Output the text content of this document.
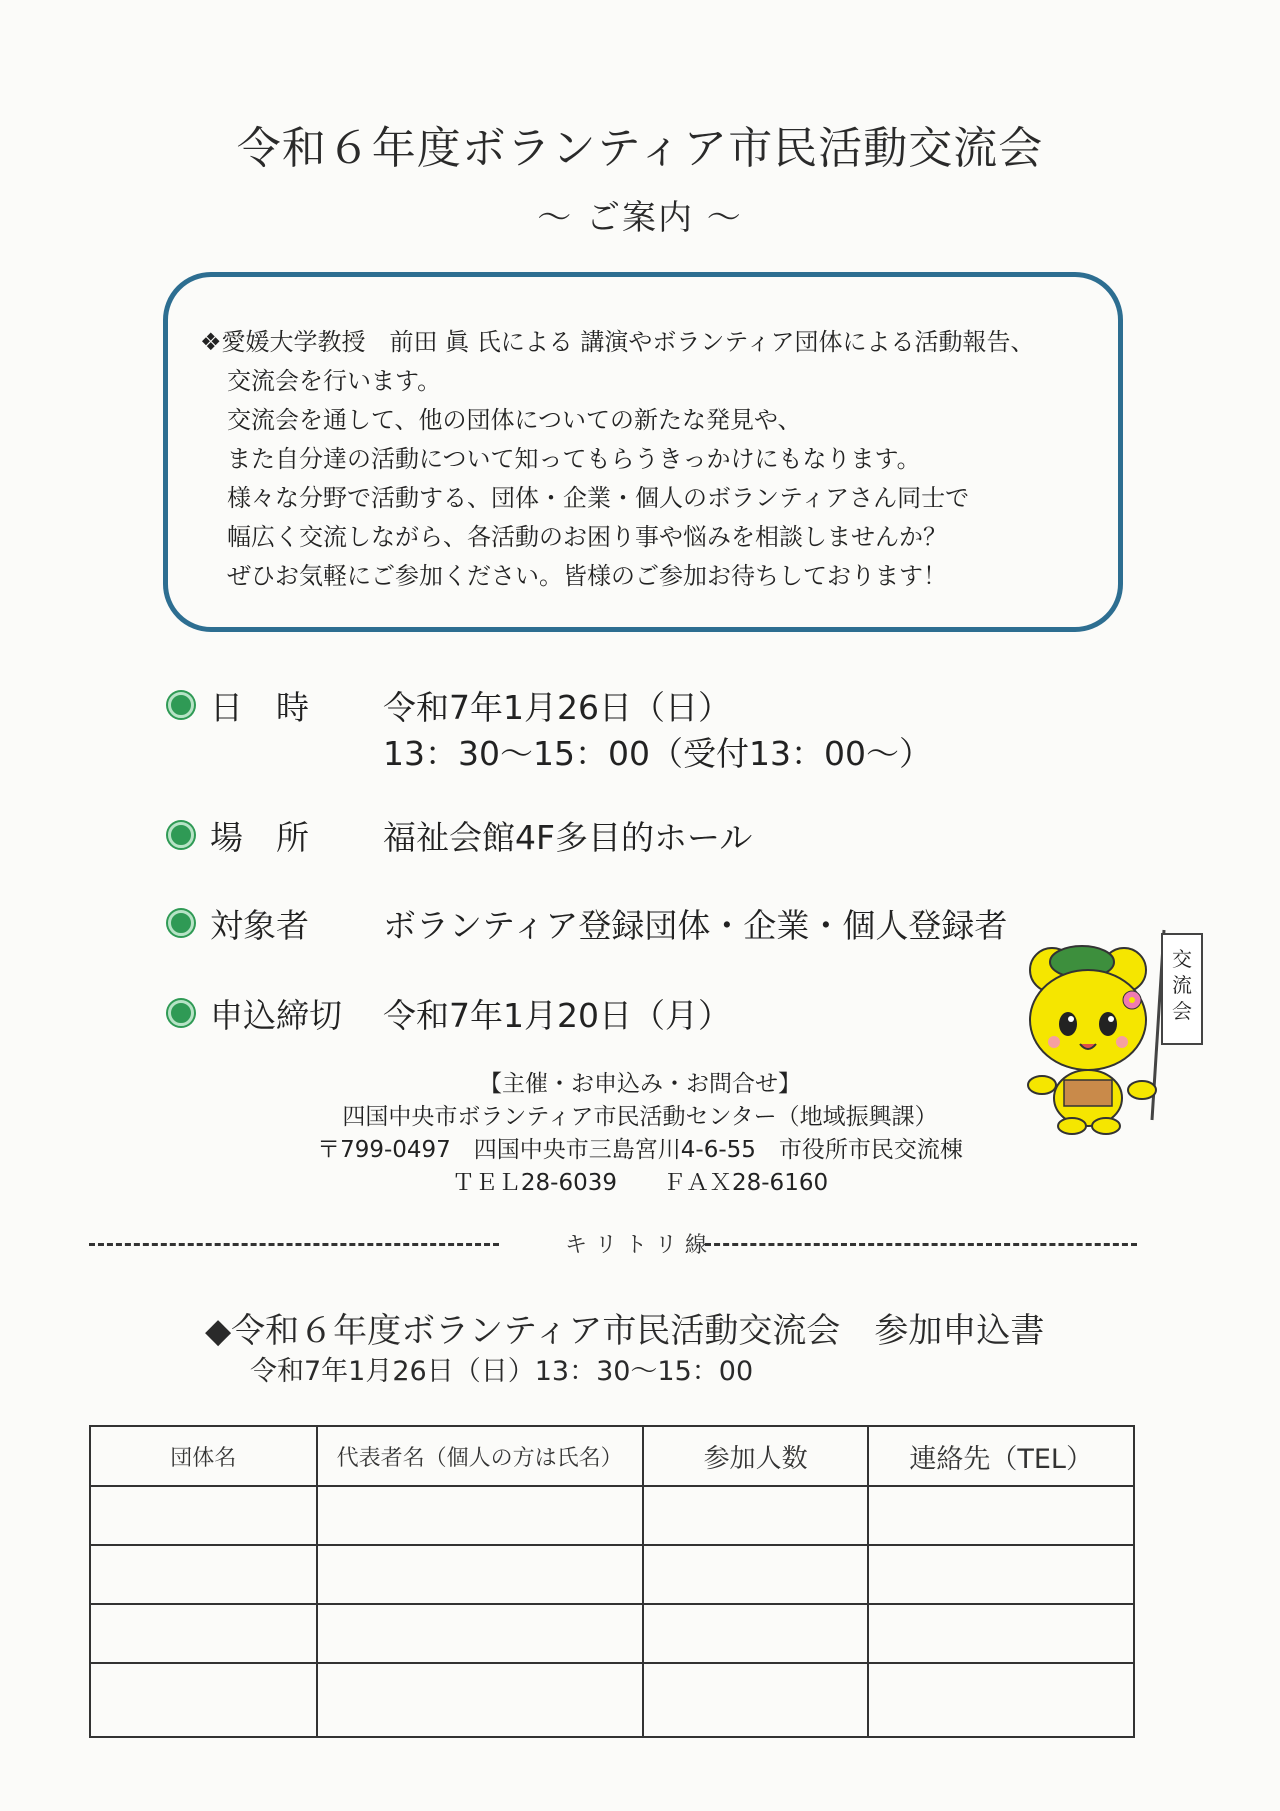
令和６年度ボランティア市民活動交流会
～ ご案内 ～
❖愛媛大学教授　前田 眞 氏による 講演やボランティア団体による活動報告、
交流会を行います。
交流会を通して、他の団体についての新たな発見や、
また自分達の活動について知ってもらうきっかけにもなります。
様々な分野で活動する、団体・企業・個人のボランティアさん同士で
幅広く交流しながら、各活動のお困り事や悩みを相談しませんか？
ぜひお気軽にご参加ください。皆様のご参加お待ちしております！
日　時 令和7年1月26日（日）
13：30～15：00（受付13：00～）
場　所 福祉会館4F多目的ホール
対象者 ボランティア登録団体・企業・個人登録者
申込締切 令和7年1月20日（月）
交流会
【主催・お申込み・お問合せ】
四国中央市ボランティア市民活動センター（地域振興課）
〒799-0497　四国中央市三島宮川4-6-55　市役所市民交流棟
ＴＥＬ28-6039　　ＦＡＸ28-6160
キリトリ線
◆令和６年度ボランティア市民活動交流会　参加申込書
令和7年1月26日（日）13：30～15：00
団体名	代表者名（個人の方は氏名）	参加人数	連絡先（TEL）
